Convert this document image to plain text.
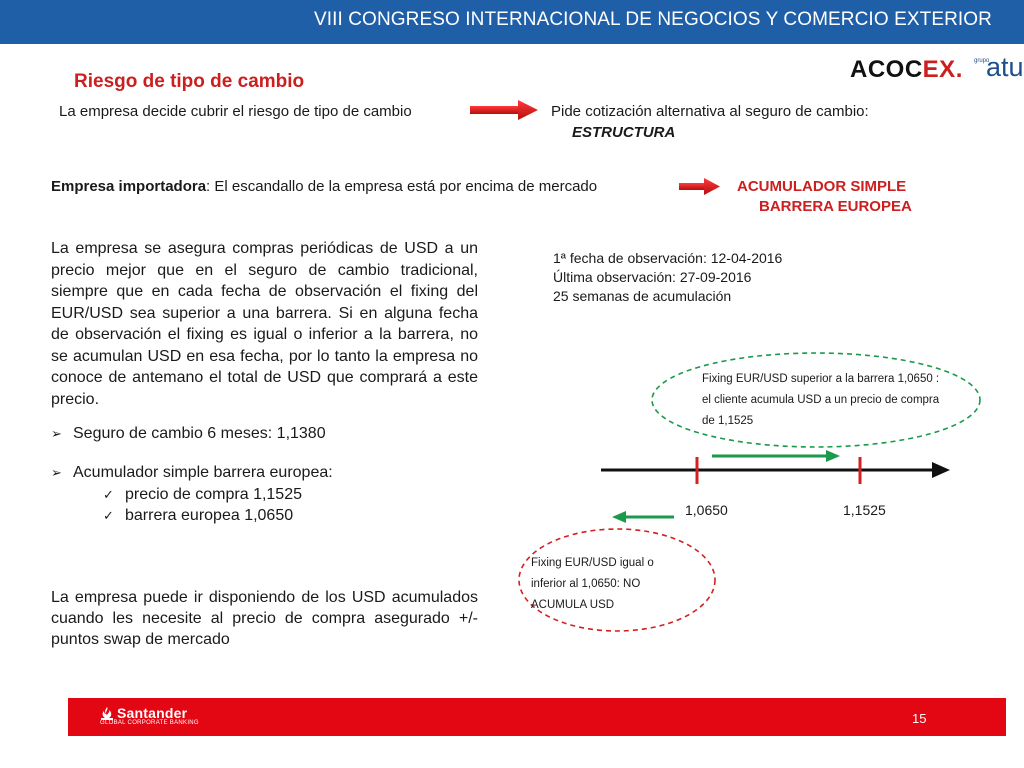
VIII CONGRESO INTERNACIONAL DE NEGOCIOS Y COMERCIO EXTERIOR
ACOCEX. grupo
atu
Riesgo de tipo de cambio
La empresa decide cubrir el riesgo de tipo de cambio	Pide cotización alternativa al seguro de cambio:
ESTRUCTURA
Empresa importadora: El escandallo de la empresa está por encima de mercado	ACUMULADOR SIMPLE
BARRERA EUROPEA
La empresa se asegura compras periódicas de USD a un precio mejor que en el seguro de cambio tradicional, siempre que en cada fecha de observación el fixing del EUR/USD sea superior a una barrera. Si en alguna fecha de observación el fixing es igual o inferior a la barrera, no se acumulan USD en esa fecha, por lo tanto la empresa no conoce de antemano el total de USD que comprará a este precio.
➢ Seguro de cambio 6 meses: 1,1380
➢ Acumulador simple barrera europea:
✓ precio de compra 1,1525
✓ barrera europea 1,0650
La empresa puede ir disponiendo de los USD acumulados cuando les necesite al precio de compra asegurado +/- puntos swap de mercado
1ª fecha de observación: 12-04-2016
Última observación: 27-09-2016
25 semanas de acumulación
Fixing EUR/USD superior a la barrera 1,0650 :
el cliente acumula USD a un precio de compra
de 1,1525
Fixing EUR/USD igual o
inferior al 1,0650: NO
ACUMULA USD
1,0650	1,1525
Santander
GLOBAL CORPORATE BANKING	15
